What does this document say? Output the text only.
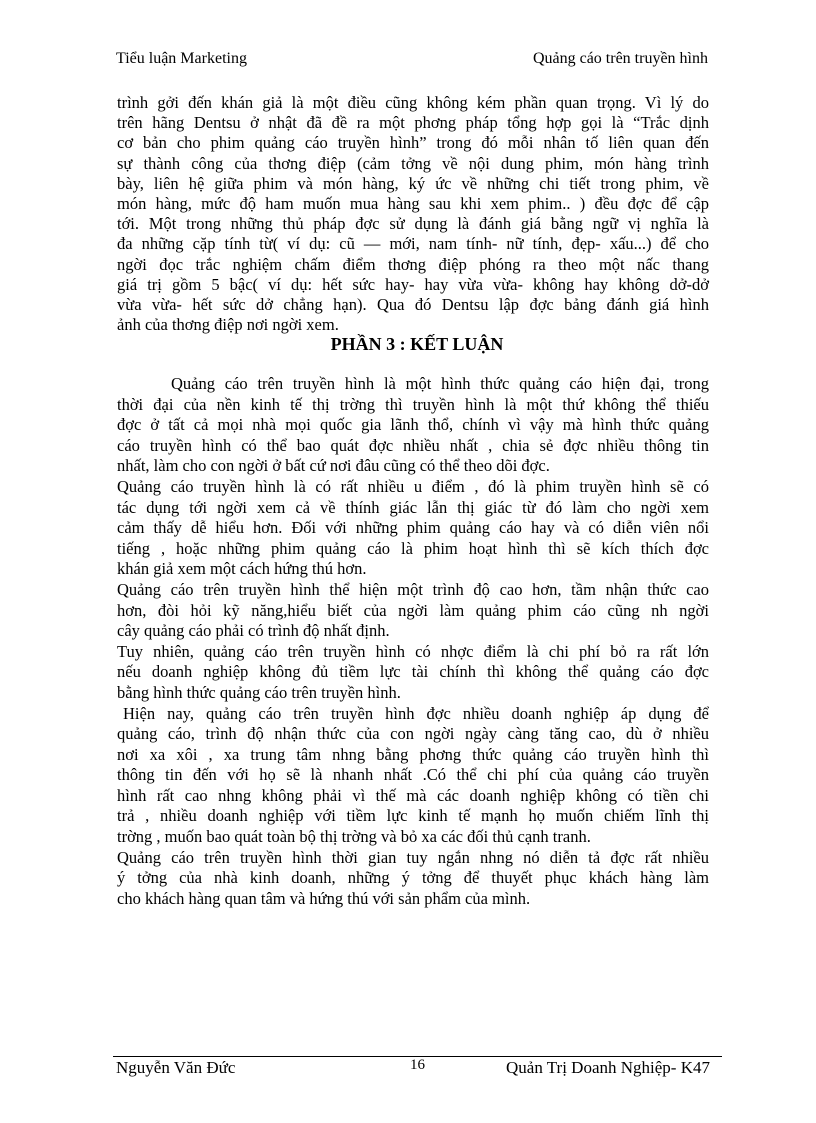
Tiểu luận Marketing	Quảng cáo trên truyền hình
trình gởi đến khán giả là một điều cũng không kém phần quan trọng. Vì lý do
trên hãng Dentsu ở nhật đã đề ra một phơng pháp tổng hợp gọi là “Trắc dịnh
cơ bản cho phim quảng cáo truyền hình” trong đó mỗi nhân tố liên quan đến
sự thành công của thơng điệp (cảm tởng về nội dung phim, món hàng trình
bày, liên hệ giữa phim và món hàng, ký ức về những chi tiết trong phim, về
món hàng, mức độ ham muốn mua hàng sau khi xem phim.. ) đều đợc để cập
tới. Một trong những thủ pháp đợc sử dụng là đánh giá bằng ngữ vị nghĩa là
đa những cặp tính từ( ví dụ: cũ — mới, nam tính- nữ tính, đẹp- xấu...) để cho
ngời đọc trắc nghiệm chấm điểm thơng điệp phóng ra theo một nấc thang
giá trị gồm 5 bậc( ví dụ: hết sức hay- hay vừa vừa- không hay không dở-dở
vừa vừa- hết sức dở chẳng hạn). Qua đó Dentsu lập đợc bảng đánh giá hình
ảnh của thơng điệp nơi ngời xem.
PHẦN 3 : KẾT LUẬN
Quảng cáo trên truyền hình là một hình thức quảng cáo hiện đại, trong
thời đại của nền kinh tế thị trờng thì truyền hình là một thứ không thể thiếu
đợc ở tất cả mọi nhà mọi quốc gia lãnh thổ, chính vì vậy mà hình thức quảng
cáo truyền hình có thể bao quát đợc nhiều nhất , chia sẻ đợc nhiều thông tin
nhất, làm cho con ngời ở bất cứ nơi đâu cũng có thể theo dõi đợc.
Quảng cáo truyền hình là có rất nhiều u điểm , đó là phim truyền hình sẽ có
tác dụng tới ngời xem cả về thính giác lẫn thị giác từ đó làm cho ngời xem
cảm thấy dễ hiểu hơn. Đối với những phim quảng cáo hay và có diễn viên nổi
tiếng , hoặc những phim quảng cáo là phim hoạt hình thì sẽ kích thích đợc
khán giả xem một cách hứng thú hơn.
Quảng cáo trên truyền hình thể hiện một trình độ cao hơn, tầm nhận thức cao
hơn, đòi hỏi kỹ năng,hiểu biết của ngời làm quảng phim cáo cũng nh ngời
cây quảng cáo phải có trình độ nhất định.
Tuy nhiên, quảng cáo trên truyền hình có nhợc điểm là chi phí bỏ ra rất lớn
nếu doanh nghiệp không đủ tiềm lực tài chính thì không thể quảng cáo đợc
bằng hình thức quảng cáo trên truyền hình.
Hiện nay, quảng cáo trên truyền hình đợc nhiều doanh nghiệp áp dụng để
quảng cáo, trình độ nhận thức của con ngời ngày càng tăng cao, dù ở nhiều
nơi xa xôi , xa trung tâm nhng bằng phơng thức quảng cáo truyền hình thì
thông tin đến với họ sẽ là nhanh nhất .Có thể chi phí của quảng cáo truyền
hình rất cao nhng không phải vì thế mà các doanh nghiệp không có tiền chi
trả , nhiều doanh nghiệp với tiềm lực kinh tế mạnh họ muốn chiếm lĩnh thị
trờng , muốn bao quát toàn bộ thị trờng và bỏ xa các đối thủ cạnh tranh.
Quảng cáo trên truyền hình thời gian tuy ngắn nhng nó diễn tả đợc rất nhiều
ý tởng của nhà kinh doanh, những ý tởng để thuyết phục khách hàng làm
cho khách hàng quan tâm và hứng thú với sản phẩm của mình.
Nguyễn Văn Đức	16	Quản Trị Doanh Nghiệp- K47
